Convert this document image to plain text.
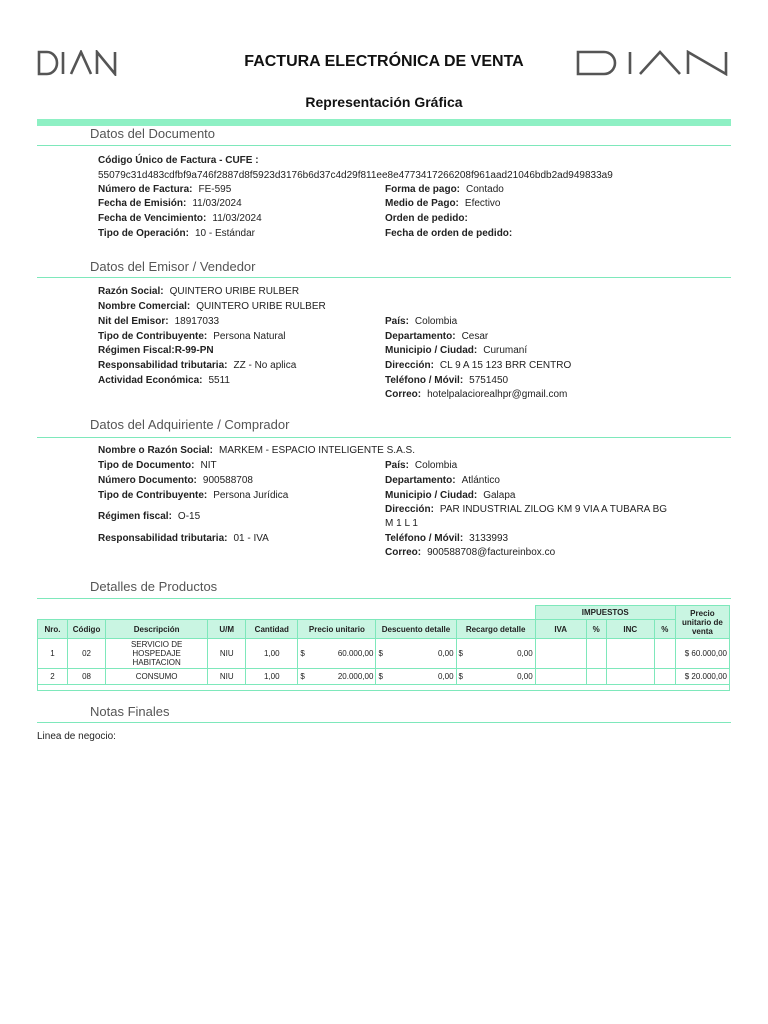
FACTURA ELECTRÓNICA DE VENTA
Representación Gráfica
Datos del Documento
Código Único de Factura - CUFE :
55079c31d483cdfbf9a746f2887d8f5923d3176b6d37c4d29f811ee8e4773417266208f961aad21046bdb2ad949833a9
Número de Factura: FE-595
Fecha de Emisión: 11/03/2024
Fecha de Vencimiento: 11/03/2024
Tipo de Operación: 10 - Estándar
Forma de pago: Contado
Medio de Pago: Efectivo
Orden de pedido:
Fecha de orden de pedido:
Datos del Emisor / Vendedor
Razón Social: QUINTERO URIBE RULBER
Nombre Comercial: QUINTERO URIBE RULBER
Nit del Emisor: 18917033
Tipo de Contribuyente: Persona Natural
Régimen Fiscal:R-99-PN
Responsabilidad tributaria: ZZ - No aplica
Actividad Económica: 5511
País: Colombia
Departamento: Cesar
Municipio / Ciudad: Curumaní
Dirección: CL 9 A 15 123 BRR CENTRO
Teléfono / Móvil: 5751450
Correo: hotelpalaciorealhpr@gmail.com
Datos del Adquiriente / Comprador
Nombre o Razón Social: MARKEM - ESPACIO INTELIGENTE S.A.S.
Tipo de Documento: NIT
Número Documento: 900588708
Tipo de Contribuyente: Persona Jurídica
Régimen fiscal: O-15
Responsabilidad tributaria: 01 - IVA
País: Colombia
Departamento: Atlántico
Municipio / Ciudad: Galapa
Dirección: PAR INDUSTRIAL ZILOG KM 9 VIA A TUBARA BG
M 1 L 1
Teléfono / Móvil: 3133993
Correo: 900588708@factureinbox.co
Detalles de Productos
								IMPUESTOS				Precio unitario de venta
Nro.	Código	Descripción	U/M	Cantidad	Precio unitario	Descuento detalle	Recargo detalle	IVA	%	INC	%	
1	02	SERVICIO DE HOSPEDAJE HABITACION	NIU	1,00	$ 60.000,00	$ 0,00	$ 0,00					$ 60.000,00
2	08	CONSUMO	NIU	1,00	$ 20.000,00	$ 0,00	$ 0,00					$ 20.000,00

Notas Finales
Linea de negocio:
